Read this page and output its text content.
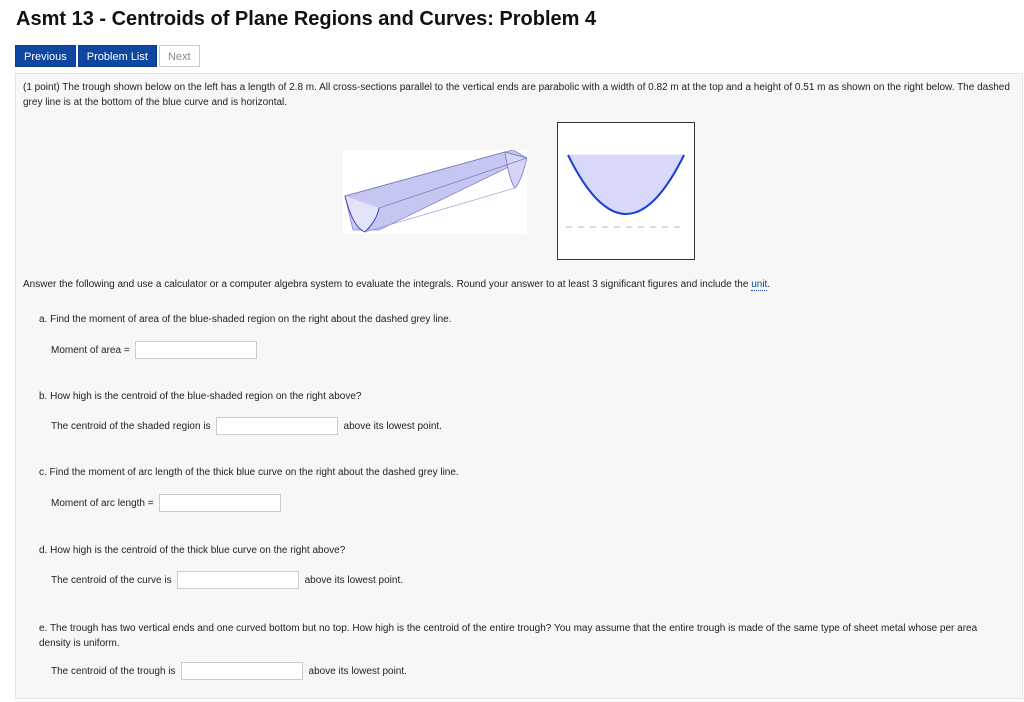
Asmt 13 - Centroids of Plane Regions and Curves: Problem 4
Previous	Problem List	Next

(1 point) The trough shown below on the left has a length of 2.8 m. All cross-sections parallel to the vertical ends are parabolic with a width of 0.82 m at the top and a height of 0.51 m as shown on the right below. The dashed grey line is at the bottom of the blue curve and is horizontal.

Answer the following and use a calculator or a computer algebra system to evaluate the integrals. Round your answer to at least 3 significant figures and include the unit.

a. Find the moment of area of the blue-shaded region on the right about the dashed grey line.
Moment of area =
b. How high is the centroid of the blue-shaded region on the right above?
The centroid of the shaded region is	above its lowest point.
c. Find the moment of arc length of the thick blue curve on the right about the dashed grey line.
Moment of arc length =
d. How high is the centroid of the thick blue curve on the right above?
The centroid of the curve is	above its lowest point.
e. The trough has two vertical ends and one curved bottom but no top. How high is the centroid of the entire trough? You may assume that the entire trough is made of the same type of sheet metal whose per area density is uniform.
The centroid of the trough is	above its lowest point.
